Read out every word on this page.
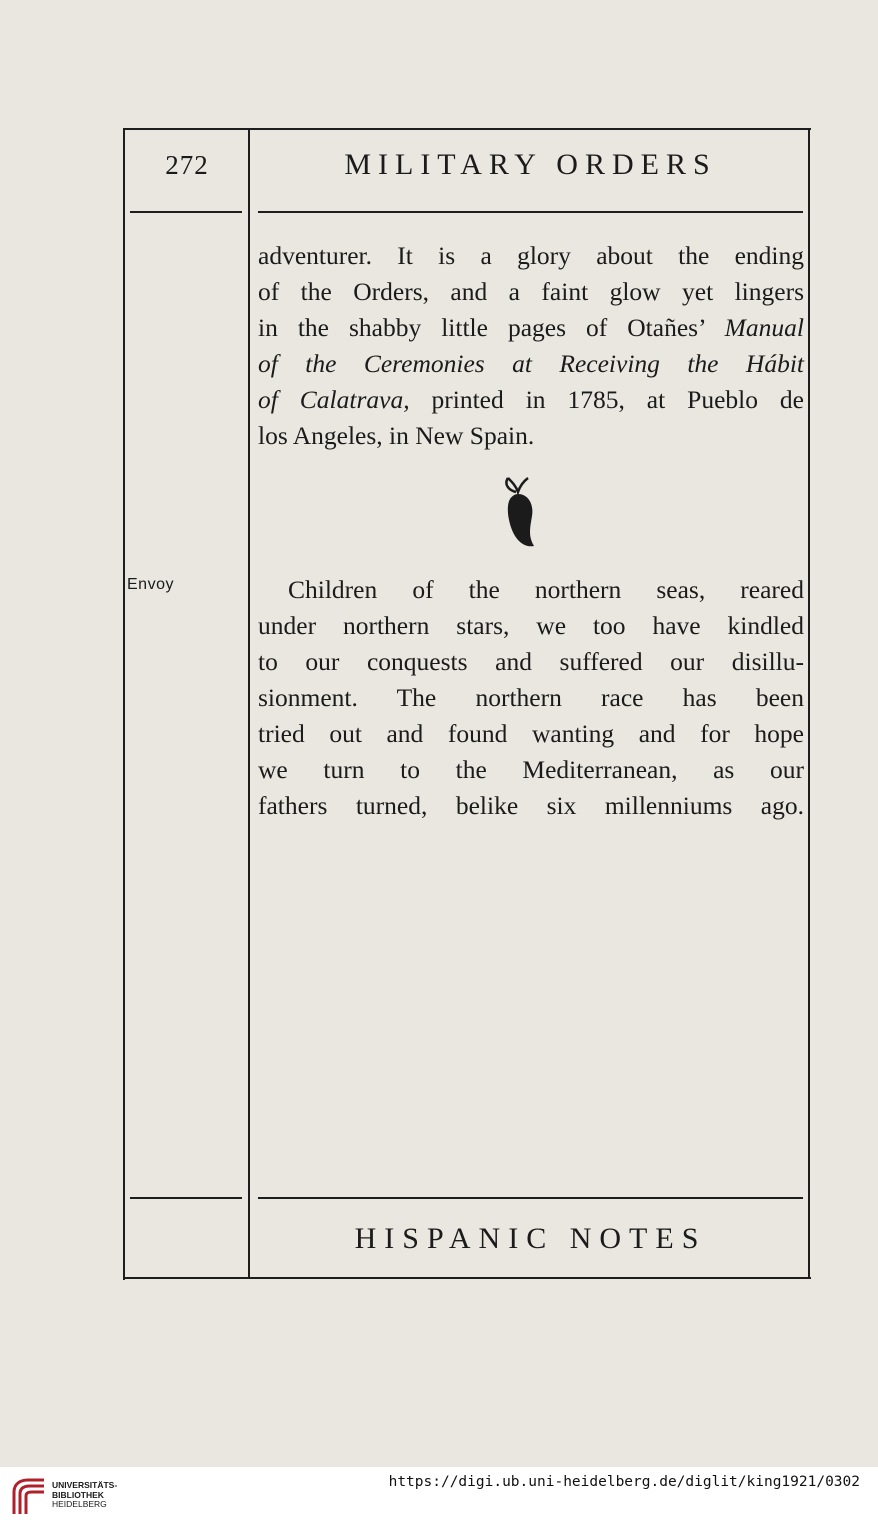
272	MILITARY ORDERS
adventurer. It is a glory about the ending
of the Orders, and a faint glow yet lingers
in the shabby little pages of Otañes’ Manual
of the Ceremonies at Receiving the Hábit
of Calatrava, printed in 1785, at Pueblo de
los Angeles, in New Spain.
Envoy	Children of the northern seas, reared
under northern stars, we too have kindled
to our conquests and suffered our disillu-
sionment. The northern race has been
tried out and found wanting and for hope
we turn to the Mediterranean, as our
fathers turned, belike six millenniums ago.
HISPANIC NOTES
UNIVERSITÄTS-
BIBLIOTHEK
HEIDELBERG
https://digi.ub.uni-heidelberg.de/diglit/king1921/0302
